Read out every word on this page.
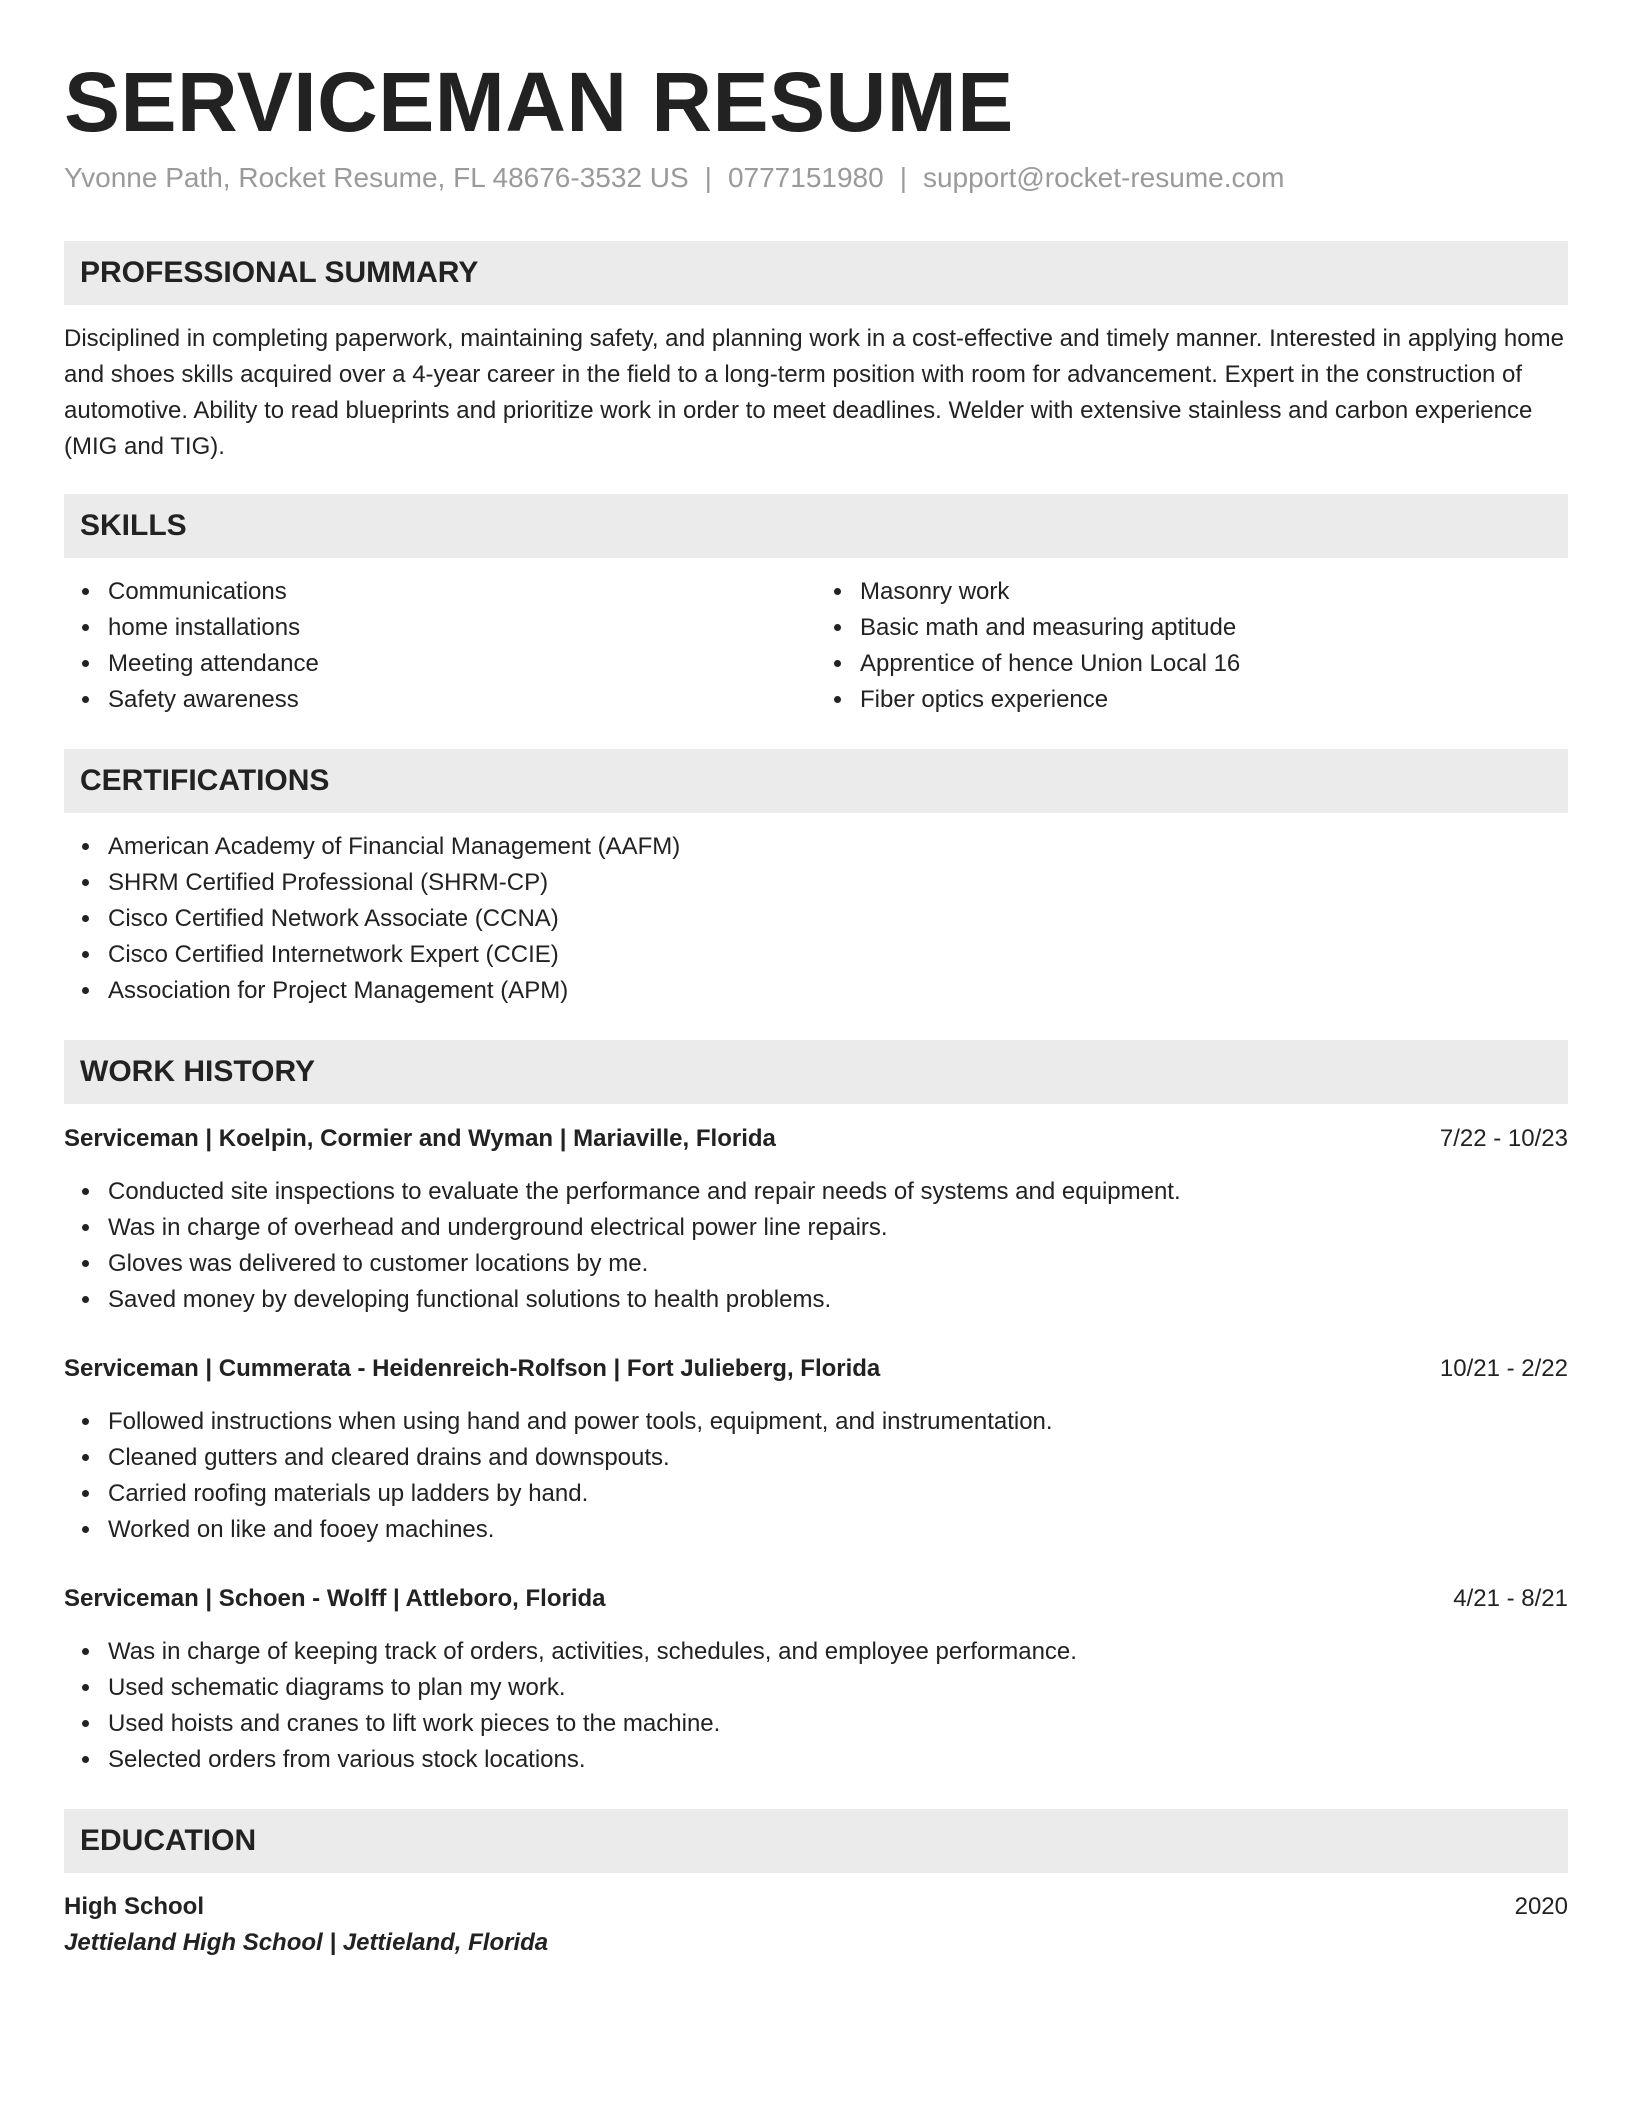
SERVICEMAN RESUME
Yvonne Path, Rocket Resume, FL 48676-3532 US | 0777151980 | support@rocket-resume.com
PROFESSIONAL SUMMARY
Disciplined in completing paperwork, maintaining safety, and planning work in a cost-effective and timely manner. Interested in applying home and shoes skills acquired over a 4-year career in the field to a long-term position with room for advancement. Expert in the construction of automotive. Ability to read blueprints and prioritize work in order to meet deadlines. Welder with extensive stainless and carbon experience (MIG and TIG).
SKILLS
Communications
home installations
Meeting attendance
Safety awareness
Masonry work
Basic math and measuring aptitude
Apprentice of hence Union Local 16
Fiber optics experience
CERTIFICATIONS
American Academy of Financial Management (AAFM)
SHRM Certified Professional (SHRM-CP)
Cisco Certified Network Associate (CCNA)
Cisco Certified Internetwork Expert (CCIE)
Association for Project Management (APM)
WORK HISTORY
Serviceman | Koelpin, Cormier and Wyman | Mariaville, Florida	7/22 - 10/23
Conducted site inspections to evaluate the performance and repair needs of systems and equipment.
Was in charge of overhead and underground electrical power line repairs.
Gloves was delivered to customer locations by me.
Saved money by developing functional solutions to health problems.
Serviceman | Cummerata - Heidenreich-Rolfson | Fort Julieberg, Florida	10/21 - 2/22
Followed instructions when using hand and power tools, equipment, and instrumentation.
Cleaned gutters and cleared drains and downspouts.
Carried roofing materials up ladders by hand.
Worked on like and fooey machines.
Serviceman | Schoen - Wolff | Attleboro, Florida	4/21 - 8/21
Was in charge of keeping track of orders, activities, schedules, and employee performance.
Used schematic diagrams to plan my work.
Used hoists and cranes to lift work pieces to the machine.
Selected orders from various stock locations.
EDUCATION
High School	2020
Jettieland High School | Jettieland, Florida
